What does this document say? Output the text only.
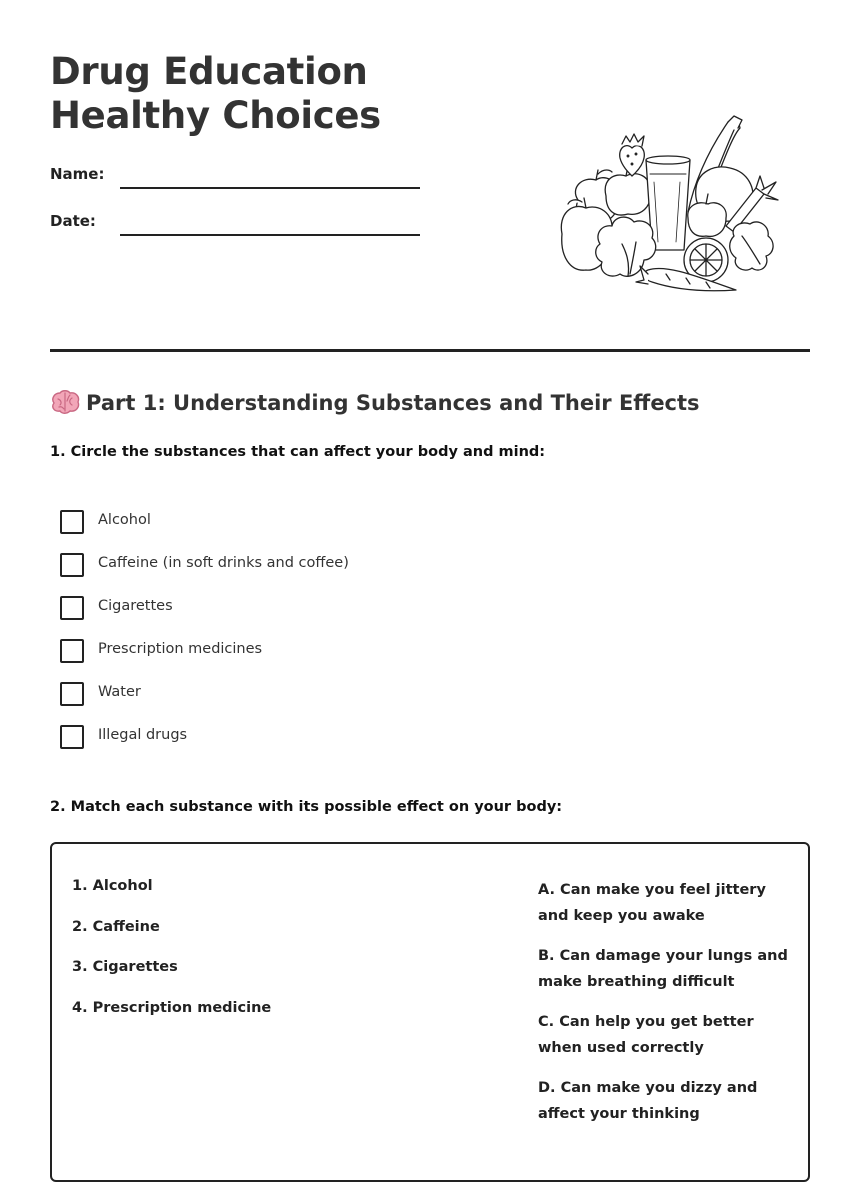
Drug Education Healthy Choices
Name:
Date:
Part 1: Understanding Substances and Their Effects

1. Circle the substances that can affect your body and mind:

Alcohol
Caffeine (in soft drinks and coffee)
Cigarettes
Prescription medicines
Water
Illegal drugs

2. Match each substance with its possible effect on your body:

1. Alcohol
2. Caffeine
3. Cigarettes
4. Prescription medicine
A. Can make you feel jittery and keep you awake
B. Can damage your lungs and make breathing difficult
C. Can help you get better when used correctly
D. Can make you dizzy and affect your thinking
